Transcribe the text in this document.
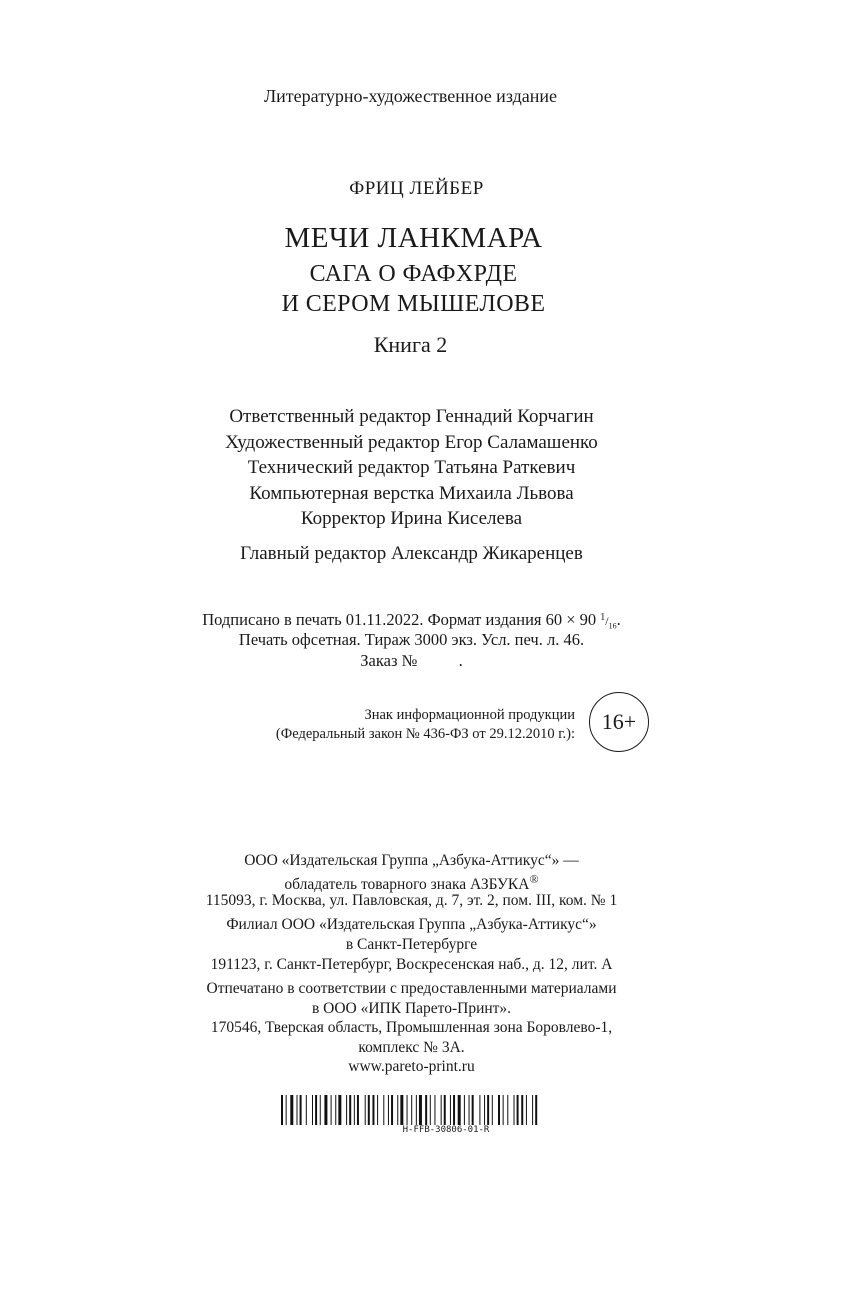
Литературно-художественное издание
ФРИЦ ЛЕЙБЕР
МЕЧИ ЛАНКМАРА
САГА О ФАФХРДЕ
И СЕРОМ МЫШЕЛОВЕ
Книга 2
Ответственный редактор Геннадий Корчагин
Художественный редактор Егор Саламашенко
Технический редактор Татьяна Раткевич
Компьютерная верстка Михаила Львова
Корректор Ирина Киселева
Главный редактор Александр Жикаренцев
Подписано в печать 01.11.2022. Формат издания 60 × 90 $^1/_{16}$.
Печать офсетная. Тираж 3000 экз. Усл. печ. л. 46.
Заказ №          .
Знак информационной продукции
(Федеральный закон № 436-ФЗ от 29.12.2010 г.): 16+
ООО «Издательская Группа „Азбука-Аттикус“» —
обладатель товарного знака АЗБУКА®
115093, г. Москва, ул. Павловская, д. 7, эт. 2, пом. III, ком. № 1
Филиал ООО «Издательская Группа „Азбука-Аттикус“»
в Санкт-Петербурге
191123, г. Санкт-Петербург, Воскресенская наб., д. 12, лит. А
Отпечатано в соответствии с предоставленными материалами
в ООО «ИПК Парето-Принт».
170546, Тверская область, Промышленная зона Боровлево-1,
комплекс № 3А.
www.pareto-print.ru
H-FFB-30806-01-R
